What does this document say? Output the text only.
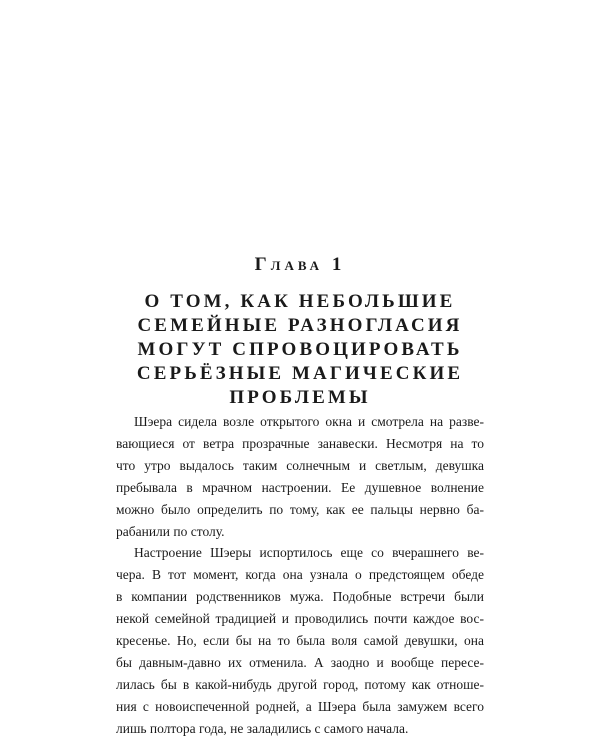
Глава 1
О ТОМ, КАК НЕБОЛЬШИЕ
СЕМЕЙНЫЕ РАЗНОГЛАСИЯ
МОГУТ СПРОВОЦИРОВАТЬ
СЕРЬЁЗНЫЕ МАГИЧЕСКИЕ
ПРОБЛЕМЫ
Шэера сидела возле открытого окна и смотрела на разве-
вающиеся от ветра прозрачные занавески. Несмотря на то
что утро выдалось таким солнечным и светлым, девушка
пребывала в мрачном настроении. Ее душевное волнение
можно было определить по тому, как ее пальцы нервно ба-
рабанили по столу.
Настроение Шэеры испортилось еще со вчерашнего ве-
чера. В тот момент, когда она узнала о предстоящем обеде
в компании родственников мужа. Подобные встречи были
некой семейной традицией и проводились почти каждое вос-
кресенье. Но, если бы на то была воля самой девушки, она
бы давным-давно их отменила. А заодно и вообще пересе-
лилась бы в какой-нибудь другой город, потому как отноше-
ния с новоиспеченной родней, а Шэера была замужем всего
лишь полтора года, не заладились с самого начала.
